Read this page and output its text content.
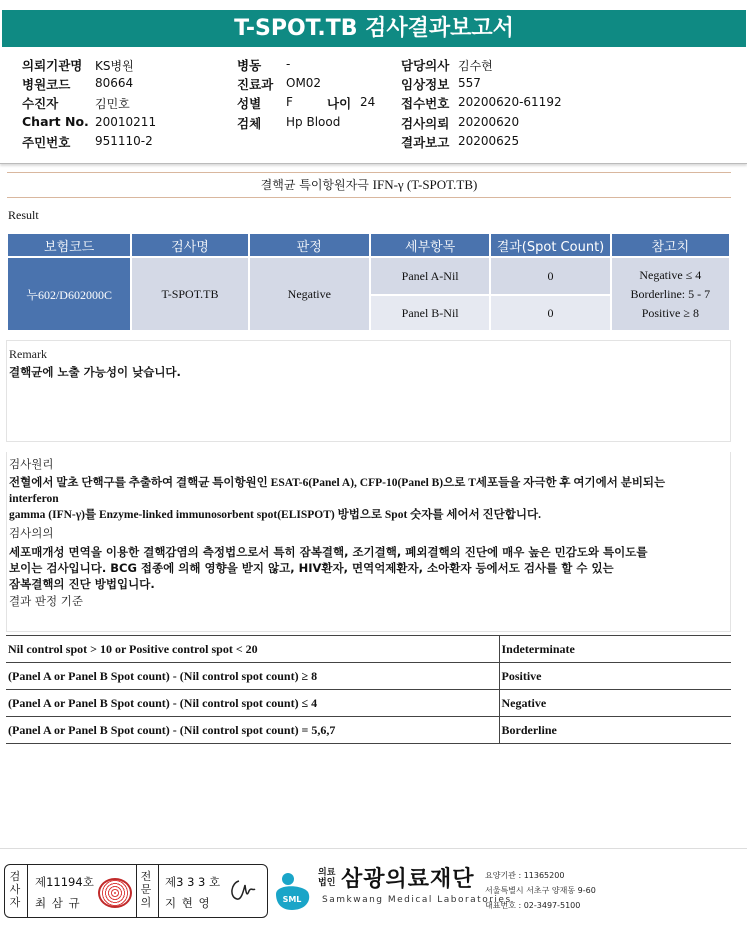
T-SPOT.TB 검사결과보고서
의뢰기관명 KS병원
병원코드 80664
수진자	김민호
Chart No. 20010211
주민번호 951110-2
병동 -
진료과 OM02
성별 F	나이 24
검체 Hp Blood
담당의사 김수현
임상정보 557
접수번호 20200620-61192
검사의뢰 20200620
결과보고 20200625
결핵균 특이항원자극 IFN-γ (T-SPOT.TB)
Result
보험코드	검사명	판정	세부항목	결과(Spot Count)	참고치
누602/D602000C	T-SPOT.TB	Negative	Panel A-Nil	0	Negative ≤ 4
Borderline: 5 - 7
Positive ≥ 8

			Panel B-Nil	0	
Remark
결핵균에 노출 가능성이 낮습니다.
검사원리
전혈에서 말초 단핵구를 추출하여 결핵균 특이항원인 ESAT-6(Panel A), CFP-10(Panel B)으로 T세포들을 자극한 후 여기에서 분비되는
interferon
gamma (IFN-γ)를 Enzyme-linked immunosorbent spot(ELISPOT) 방법으로 Spot 숫자를 세어서 진단합니다.
검사의의
세포매개성 면역을 이용한 결핵감염의 측정법으로서 특히 잠복결핵, 조기결핵, 폐외결핵의 진단에 매우 높은 민감도와 특이도를
보이는 검사입니다. BCG 접종에 의해 영향을 받지 않고, HIV환자, 면역억제환자, 소아환자 등에서도 검사를 할 수 있는
잠복결핵의 진단 방법입니다.
결과 판정 기준
Nil control spot > 10 or Positive control spot < 20	Indeterminate
(Panel A or Panel B Spot count) - (Nil control spot count) ≥ 8	Positive
(Panel A or Panel B Spot count) - (Nil control spot count) ≤ 4	Negative
(Panel A or Panel B Spot count) - (Nil control spot count) = 5,6,7	Borderline
검
사
자
제11194호
최 삼 규
전
문
의
제3 3 3 호
지 현 영	SML
의료
법인 삼광의료재단
Samkwang Medical Laboratories
요양기관 : 11365200
서울특별시 서초구 양재동 9-60
대표번호 : 02-3497-5100
